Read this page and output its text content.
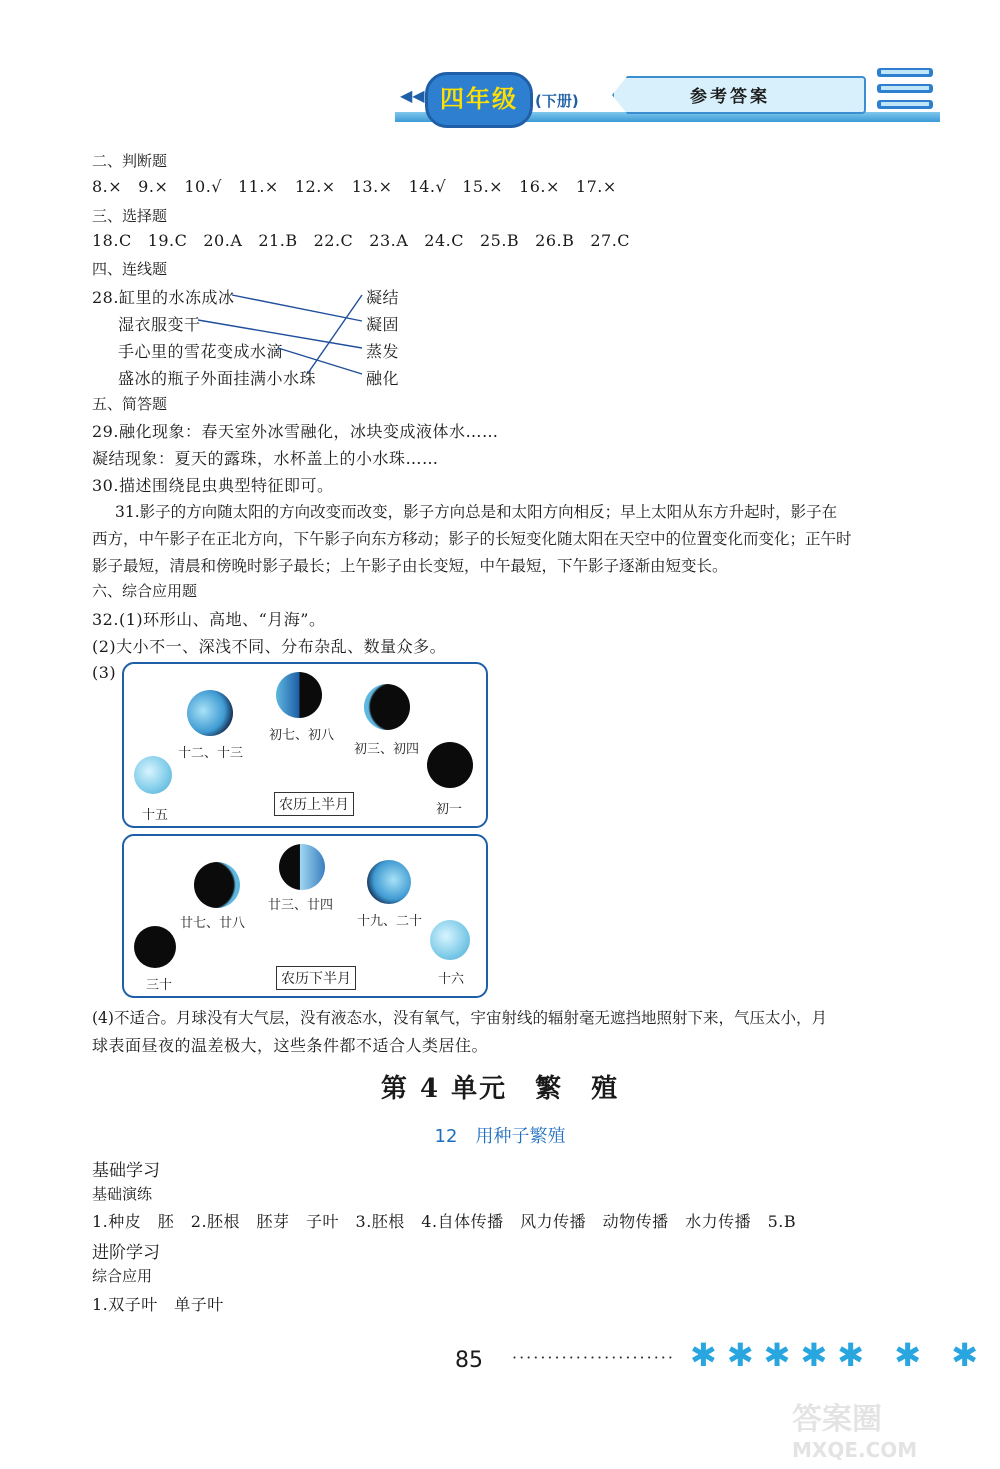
◀◀ 四年级	(下册)	参考答案
二、判断题
8.× 9.× 10.√ 11.× 12.× 13.× 14.√ 15.× 16.× 17.×
三、选择题
18.C 19.C 20.A 21.B 22.C 23.A 24.C 25.B 26.B 27.C
四、连线题
28.缸里的水冻成冰
湿衣服变干
手心里的雪花变成水滴
盛冰的瓶子外面挂满小水珠
凝结
凝固
蒸发
融化
五、简答题
29.融化现象：春天室外冰雪融化，冰块变成液体水……
凝结现象：夏天的露珠，水杯盖上的小水珠……
30.描述围绕昆虫典型特征即可。
31.影子的方向随太阳的方向改变而改变，影子方向总是和太阳方向相反；早上太阳从东方升起时，影子在
西方，中午影子在正北方向，下午影子向东方移动；影子的长短变化随太阳在天空中的位置变化而变化；正午时
影子最短，清晨和傍晚时影子最长；上午影子由长变短，中午最短，下午影子逐渐由短变长。
六、综合应用题
32.(1)环形山、高地、“月海”。
(2)大小不一、深浅不同、分布杂乱、数量众多。
(3)
十五
十二、十三
初七、初八
初三、初四
初一
农历上半月
三十
廿七、廿八
廿三、廿四
十九、二十
十六
农历下半月
(4)不适合。月球没有大气层，没有液态水，没有氧气，宇宙射线的辐射毫无遮挡地照射下来，气压太小，月
球表面昼夜的温差极大，这些条件都不适合人类居住。
第 4 单元　繁　殖
12　用种子繁殖
基础学习
基础演练
1.种皮　胚　2.胚根　胚芽　子叶　3.胚根　4.自体传播　风力传播　动物传播　水力传播　5.B
进阶学习
综合应用
1.双子叶　单子叶
85 ······················· ✱✱✱✱✱ ✱ ✱
答案圈
MXQE.COM
